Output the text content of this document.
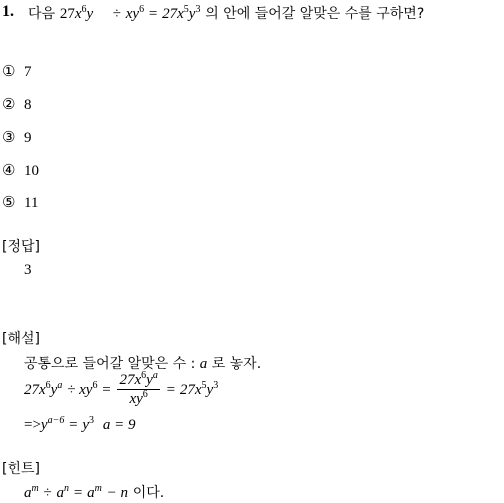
1. 다음 $27x^6y \div xy^6 = 27x^5y^3$ 의 안에 들어갈 알맞은 수를 구하면?
① 7
② 8
③ 9
④ 10
⑤ 11
[정답]
3
[해설]
공통으로 들어갈 알맞은 수 : a 로 놓자.
$27x^6y^a \div xy^6 = \frac{27x^6y^a}{xy^6} = 27x^5y^3$
$=>y^{a-6} = y^3$ a = 9
[힌트]
$a^m \div a^n = a^m - n$ 이다.
